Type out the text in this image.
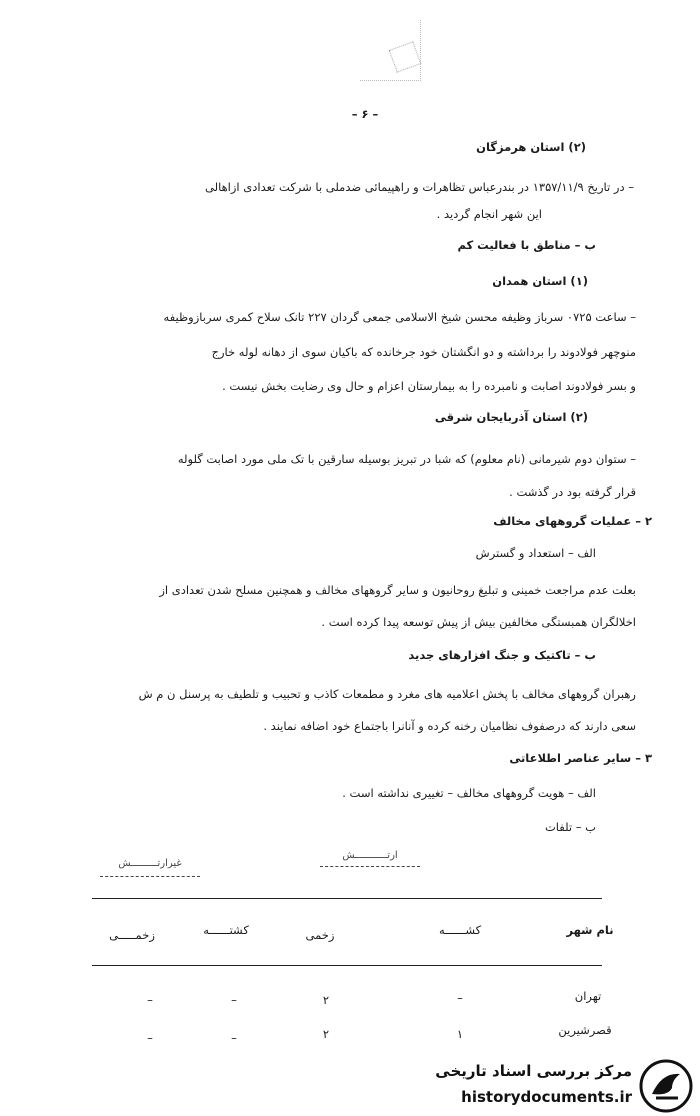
– ۶ –
(۲) استان هرمزگان
– در تاریخ ۱۳۵۷/۱۱/۹ در بندرعباس تظاهرات و راهپیمائی ضدملی با شرکت تعدادی ازاهالی
این شهر انجام گردید .
ب – مناطق با فعالیت کم
(۱) استان همدان
– ساعت ۰۷۲۵ سرباز وظیفه محسن شیخ الاسلامی جمعی گردان ۲۲۷ تانک سلاح کمری سربازوظیفه
منوچهر فولادوند را برداشته و دو انگشتان خود جرخانده که باکیان سوی از دهانه لوله خارج
و بسر فولادوند اصابت و نامبرده را به بیمارستان اعزام و حال وی رضایت بخش نیست .
(۲) استان آذربایجان شرقی
– ستوان دوم شیرمانی (نام معلوم) که شبا در تبریز بوسیله سارقین با تک ملی مورد اصابت گلوله
قرار گرفته بود در گذشت .
۲ – عملیات گروههای مخالف
الف – استعداد و گسترش
بعلت عدم مراجعت خمینی و تبلیغ روحانیون و سایر گروههای مخالف و همچنین مسلح شدن تعدادی از
اخلالگران همبستگی مخالفین بیش از پیش توسعه پیدا کرده است .
ب – تاکتیک و جنگ افزارهای جدید
رهبران گروههای مخالف با پخش اعلامیه های مغرد و مطمعات کاذب و تحبیب و تلطیف به پرسنل ن م ش
سعی دارند که درصفوف نظامیان رخنه کرده و آنانرا باجتماع خود اضافه نمایند .
۳ – سایر عناصر اطلاعاتی
الف – هویت گروههای مخالف – تغییری نداشته است .
ب – تلفات
غیرارتـــــــــش
ارتـــــــــــش
نام شهر
کشــــــه
زخمی
کشتــــــه
زخمـــــی
تهران
–
۲
–
–
قصرشیرین
۱
۲
–
–
مرکز بررسی اسناد تاریخی
historydocuments.ir
